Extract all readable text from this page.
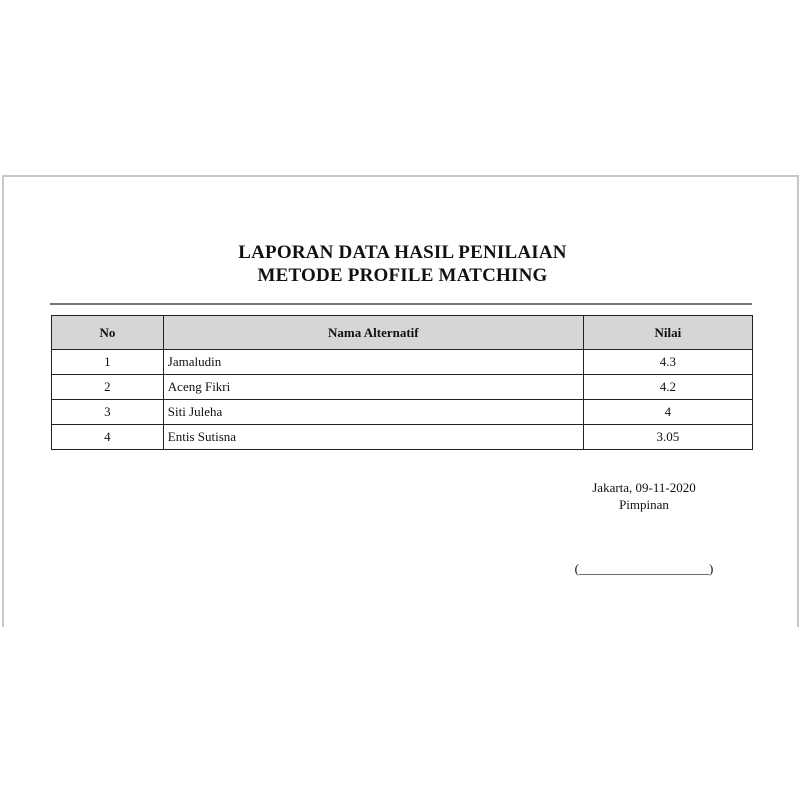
LAPORAN DATA HASIL PENILAIAN
METODE PROFILE MATCHING
No	Nama Alternatif	Nilai
1	Jamaludin	4.3
2	Aceng Fikri	4.2
3	Siti Juleha	4
4	Entis Sutisna	3.05
Jakarta, 09-11-2020
Pimpinan
(____________________)
